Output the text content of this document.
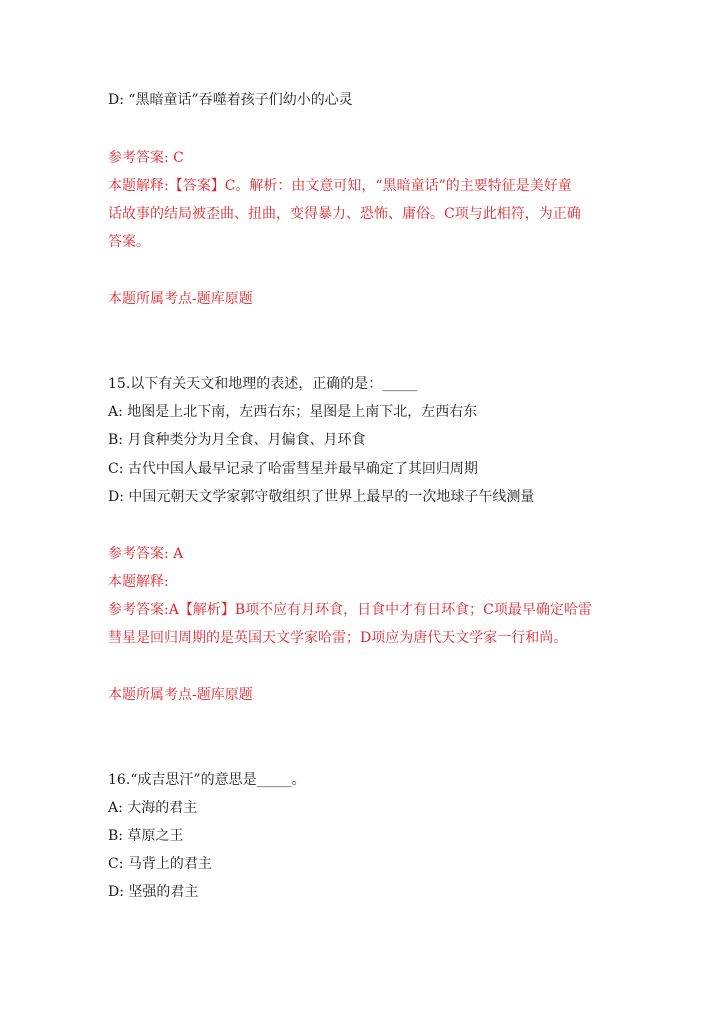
D: “黑暗童话”吞噬着孩子们幼小的心灵
参考答案: C
本题解释:【答案】C。解析：由文意可知，“黑暗童话”的主要特征是美好童
话故事的结局被歪曲、扭曲，变得暴力、恐怖、庸俗。C项与此相符，为正确
答案。
本题所属考点-题库原题
15.以下有关天文和地理的表述，正确的是：_____
A: 地图是上北下南，左西右东；星图是上南下北，左西右东
B: 月食种类分为月全食、月偏食、月环食
C: 古代中国人最早记录了哈雷彗星并最早确定了其回归周期
D: 中国元朝天文学家郭守敬组织了世界上最早的一次地球子午线测量
参考答案: A
本题解释:
参考答案:A【解析】B项不应有月环食，日食中才有日环食；C项最早确定哈雷
彗星是回归周期的是英国天文学家哈雷；D项应为唐代天文学家一行和尚。
本题所属考点-题库原题
16.“成吉思汗”的意思是_____。
A: 大海的君主
B: 草原之王
C: 马背上的君主
D: 坚强的君主
